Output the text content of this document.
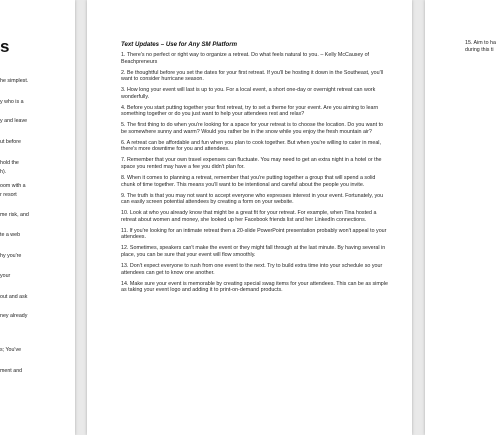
s
he simplest.
y who is a
y and leave
ut before
hold the
h).
oom with a
r resort
me risk, and
te a web
hy you're
your
out and ask
ney already
s; You've
ment and
Text Updates – Use for Any SM Platform

1. There's no perfect or right way to organize a retreat. Do what feels natural to you. – Kelly McCausey of Beachpreneurs

2. Be thoughtful before you set the dates for your first retreat. If you'll be hosting it down in the Southeast, you'll want to consider hurricane season.

3. How long your event will last is up to you. For a local event, a short one-day or overnight retreat can work wonderfully.

4. Before you start putting together your first retreat, try to set a theme for your event. Are you aiming to learn something together or do you just want to help your attendees rest and relax?

5. The first thing to do when you're looking for a space for your retreat is to choose the location. Do you want to be somewhere sunny and warm? Would you rather be in the snow while you enjoy the fresh mountain air?

6. A retreat can be affordable and fun when you plan to cook together. But when you're willing to cater in meal, there's more downtime for you and attendees.

7. Remember that your own travel expenses can fluctuate. You may need to get an extra night in a hotel or the space you rented may have a fee you didn't plan for.

8. When it comes to planning a retreat, remember that you're putting together a group that will spend a solid chunk of time together. This means you'll want to be intentional and careful about the people you invite.

9. The truth is that you may not want to accept everyone who expresses interest in your event. Fortunately, you can easily screen potential attendees by creating a form on your website.

10. Look at who you already know that might be a great fit for your retreat. For example, when Tina hosted a retreat about women and money, she looked up her Facebook friends list and her LinkedIn connections.

11. If you're looking for an intimate retreat then a 20-slide PowerPoint presentation probably won't appeal to your attendees.

12. Sometimes, speakers can't make the event or they might fall through at the last minute. By having several in place, you can be sure that your event will flow smoothly.

13. Don't expect everyone to rush from one event to the next. Try to build extra time into your schedule so your attendees can get to know one another.

14. Make sure your event is memorable by creating special swag items for your attendees. This can be as simple as taking your event logo and adding it to print-on-demand products.

15. Aim to ha
during this ti
